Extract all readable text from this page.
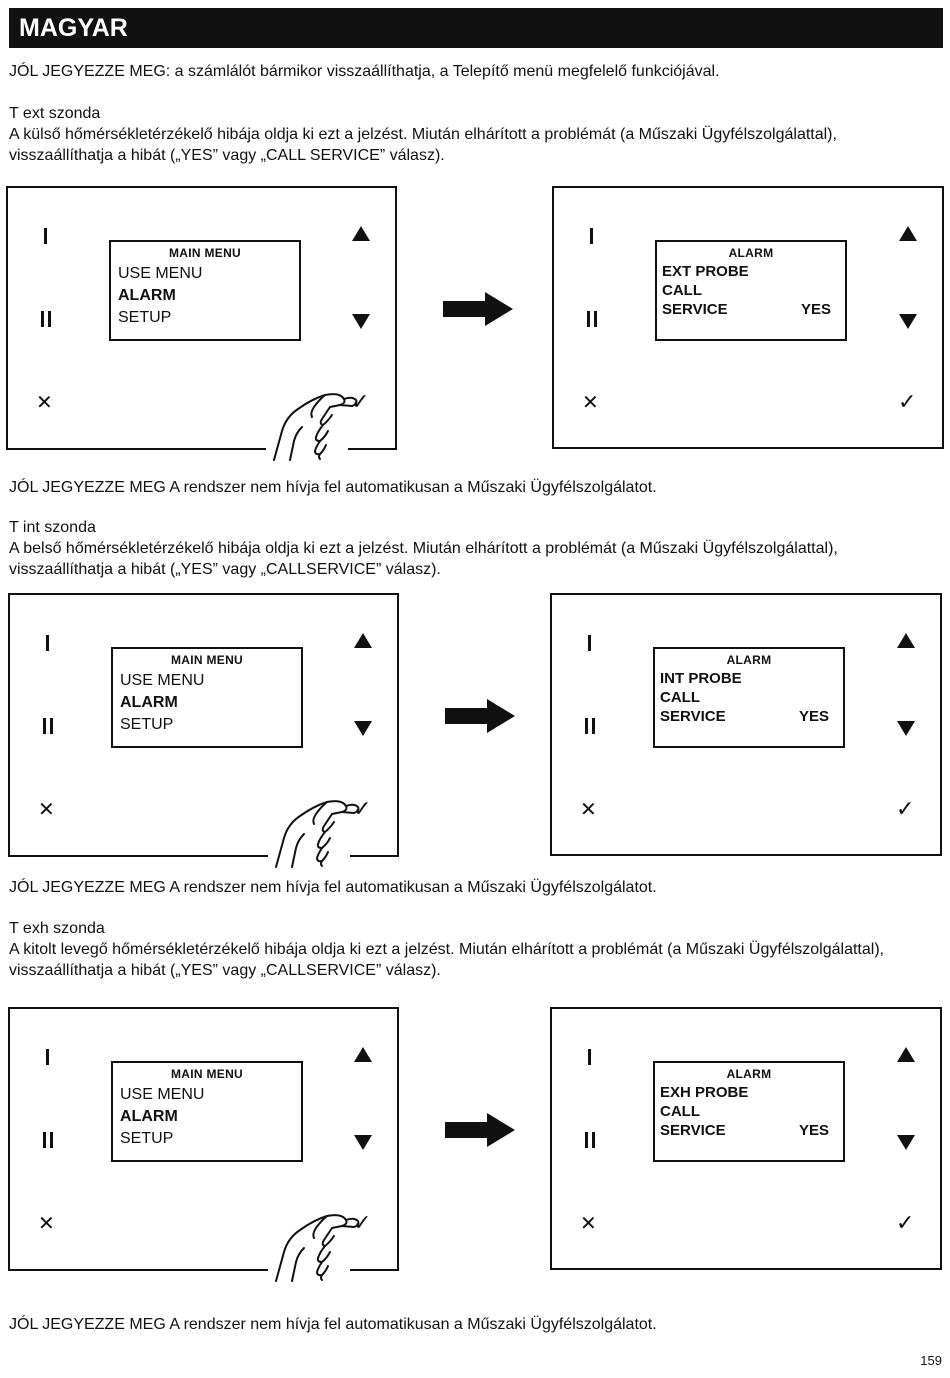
MAGYAR
JÓL JEGYEZZE MEG: a számlálót bármikor visszaállíthatja, a Telepítő menü megfelelő funkciójával.
T ext szonda
A külső hőmérsékletérzékelő hibája oldja ki ezt a jelzést. Miután elhárított a problémát (a Műszaki Ügyfélszolgálattal),
visszaállíthatja a hibát („YES” vagy „CALL SERVICE” válasz).
MAIN MENU
USE MENU
ALARM
SETUP
✕	✓
ALARM
EXT PROBE
CALL
SERVICE	YES
✕	✓
JÓL JEGYEZZE MEG A rendszer nem hívja fel automatikusan a Műszaki Ügyfélszolgálatot.
T int szonda
A belső hőmérsékletérzékelő hibája oldja ki ezt a jelzést. Miután elhárított a problémát (a Műszaki Ügyfélszolgálattal),
visszaállíthatja a hibát („YES” vagy „CALLSERVICE” válasz).
MAIN MENU
USE MENU
ALARM
SETUP
✕	✓
ALARM
INT PROBE
CALL
SERVICE	YES
✕	✓
JÓL JEGYEZZE MEG A rendszer nem hívja fel automatikusan a Műszaki Ügyfélszolgálatot.
T exh szonda
A kitolt levegő hőmérsékletérzékelő hibája oldja ki ezt a jelzést. Miután elhárított a problémát (a Műszaki Ügyfélszolgálattal),
visszaállíthatja a hibát („YES” vagy „CALLSERVICE” válasz).
MAIN MENU
USE MENU
ALARM
SETUP
✕	✓
ALARM
EXH PROBE
CALL
SERVICE	YES
✕	✓
JÓL JEGYEZZE MEG A rendszer nem hívja fel automatikusan a Műszaki Ügyfélszolgálatot.
159
